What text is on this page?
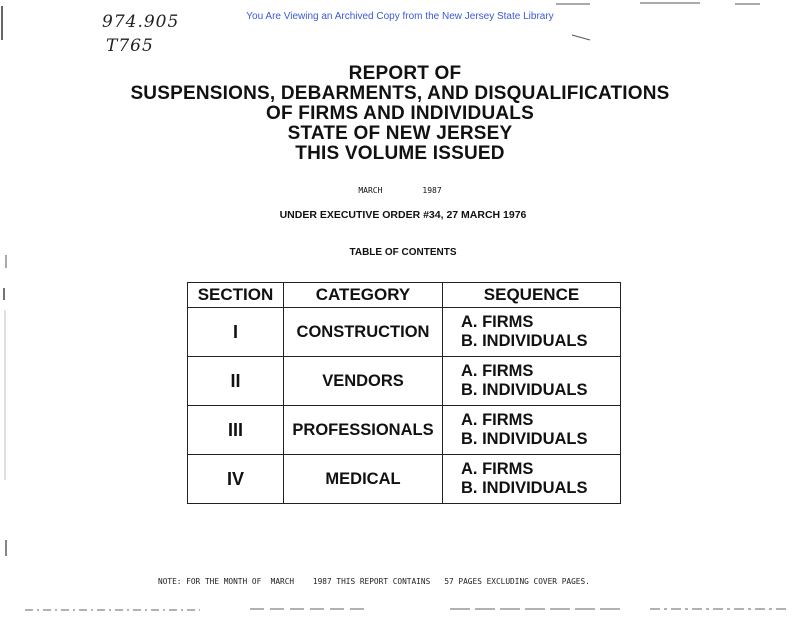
You Are Viewing an Archived Copy from the New Jersey State Library
974.905
T765
REPORT OF
SUSPENSIONS, DEBARMENTS, AND DISQUALIFICATIONS
OF FIRMS AND INDIVIDUALS
STATE OF NEW JERSEY
THIS VOLUME ISSUED
MARCH	1987
UNDER EXECUTIVE ORDER #34, 27 MARCH 1976
TABLE OF CONTENTS
SECTION	CATEGORY	SEQUENCE
I	CONSTRUCTION	A. FIRMS
B. INDIVIDUALS

II	VENDORS	A. FIRMS
B. INDIVIDUALS

III	PROFESSIONALS	A. FIRMS
B. INDIVIDUALS

IV	MEDICAL	A. FIRMS
B. INDIVIDUALS
NOTE: FOR THE MONTH OF  MARCH    1987 THIS REPORT CONTAINS   57 PAGES EXCLUDING COVER PAGES.
